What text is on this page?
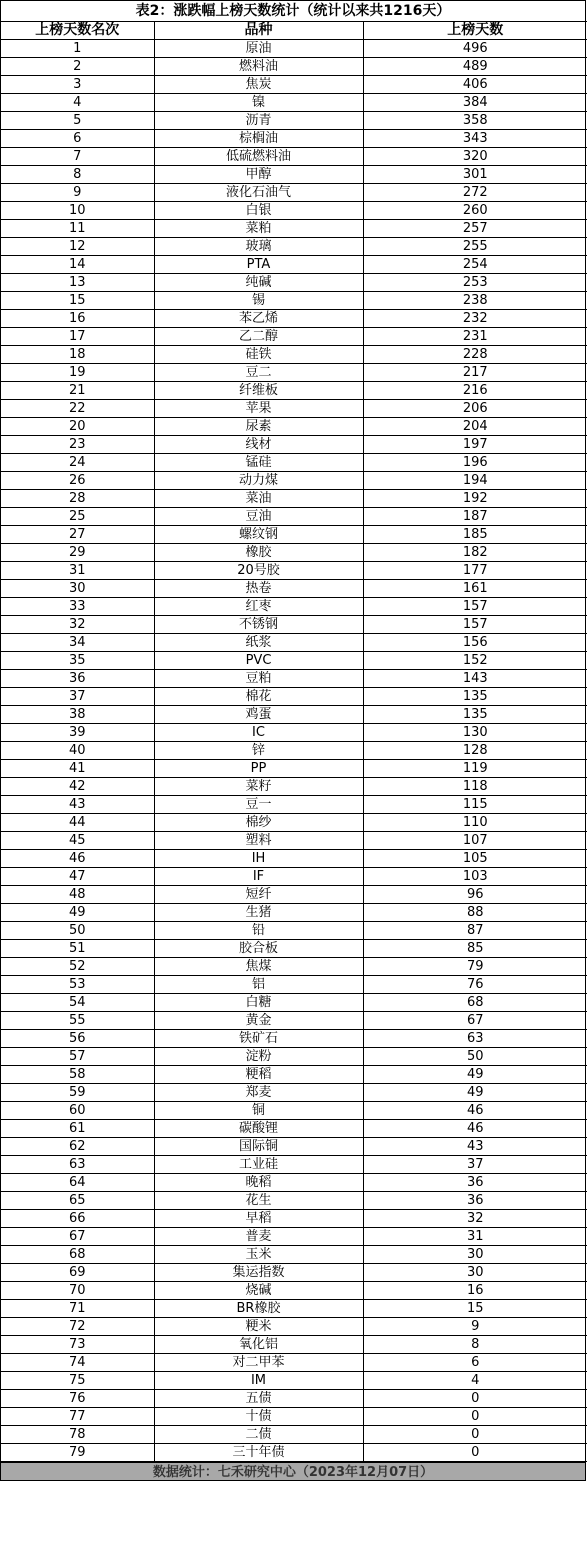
表2：涨跌幅上榜天数统计（统计以来共1216天）
上榜天数名次	品种	上榜天数
1	原油	496
2	燃料油	489
3	焦炭	406
4	镍	384
5	沥青	358
6	棕榈油	343
7	低硫燃料油	320
8	甲醇	301
9	液化石油气	272
10	白银	260
11	菜粕	257
12	玻璃	255
14	PTA	254
13	纯碱	253
15	锡	238
16	苯乙烯	232
17	乙二醇	231
18	硅铁	228
19	豆二	217
21	纤维板	216
22	苹果	206
20	尿素	204
23	线材	197
24	锰硅	196
26	动力煤	194
28	菜油	192
25	豆油	187
27	螺纹钢	185
29	橡胶	182
31	20号胶	177
30	热卷	161
33	红枣	157
32	不锈钢	157
34	纸浆	156
35	PVC	152
36	豆粕	143
37	棉花	135
38	鸡蛋	135
39	IC	130
40	锌	128
41	PP	119
42	菜籽	118
43	豆一	115
44	棉纱	110
45	塑料	107
46	IH	105
47	IF	103
48	短纤	96
49	生猪	88
50	铅	87
51	胶合板	85
52	焦煤	79
53	铝	76
54	白糖	68
55	黄金	67
56	铁矿石	63
57	淀粉	50
58	粳稻	49
59	郑麦	49
60	铜	46
61	碳酸锂	46
62	国际铜	43
63	工业硅	37
64	晚稻	36
65	花生	36
66	早稻	32
67	普麦	31
68	玉米	30
69	集运指数	30
70	烧碱	16
71	BR橡胶	15
72	粳米	9
73	氧化铝	8
74	对二甲苯	6
75	IM	4
76	五债	0
77	十债	0
78	二债	0
79	三十年债	0
数据统计：七禾研究中心（2023年12月07日）
